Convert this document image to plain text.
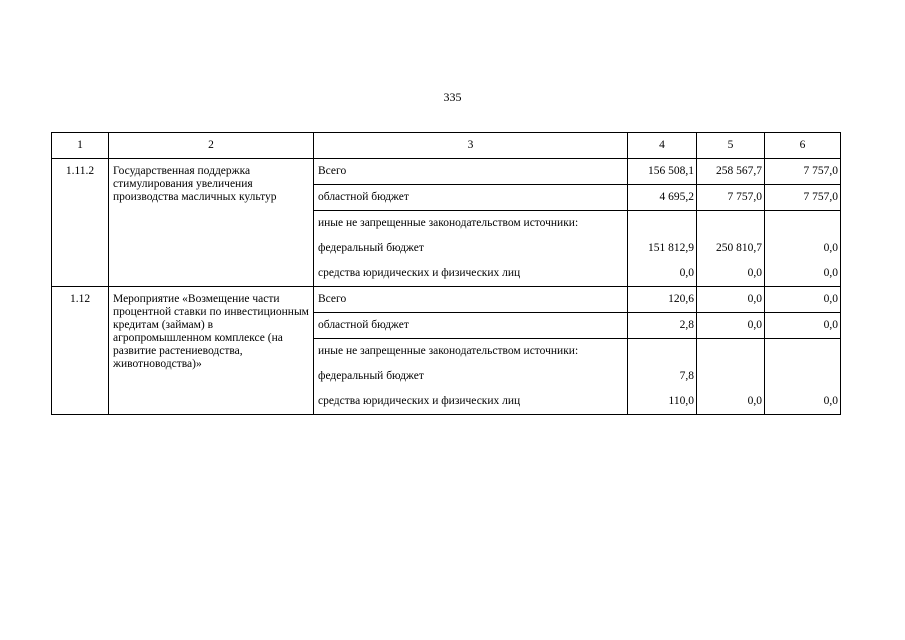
335
1	2	3	4	5	6
1.11.2	Государственная поддержка стимулирования увеличения производства масличных культур	Всего	156 508,1	258 567,7	7 757,0
		областной бюджет	4 695,2	7 757,0	7 757,0
		иные не запрещенные законодательством источники:			
		федеральный бюджет	151 812,9	250 810,7	0,0
		средства юридических и физических лиц	0,0	0,0	0,0
1.12	Мероприятие «Возмещение части процентной ставки по инвестиционным кредитам (займам) в агропромышленном комплексе (на развитие растениеводства, животноводства)»	Всего	120,6	0,0	0,0
		областной бюджет	2,8	0,0	0,0
		иные не запрещенные законодательством источники:			
		федеральный бюджет	7,8		
		средства юридических и физических лиц	110,0	0,0	0,0
